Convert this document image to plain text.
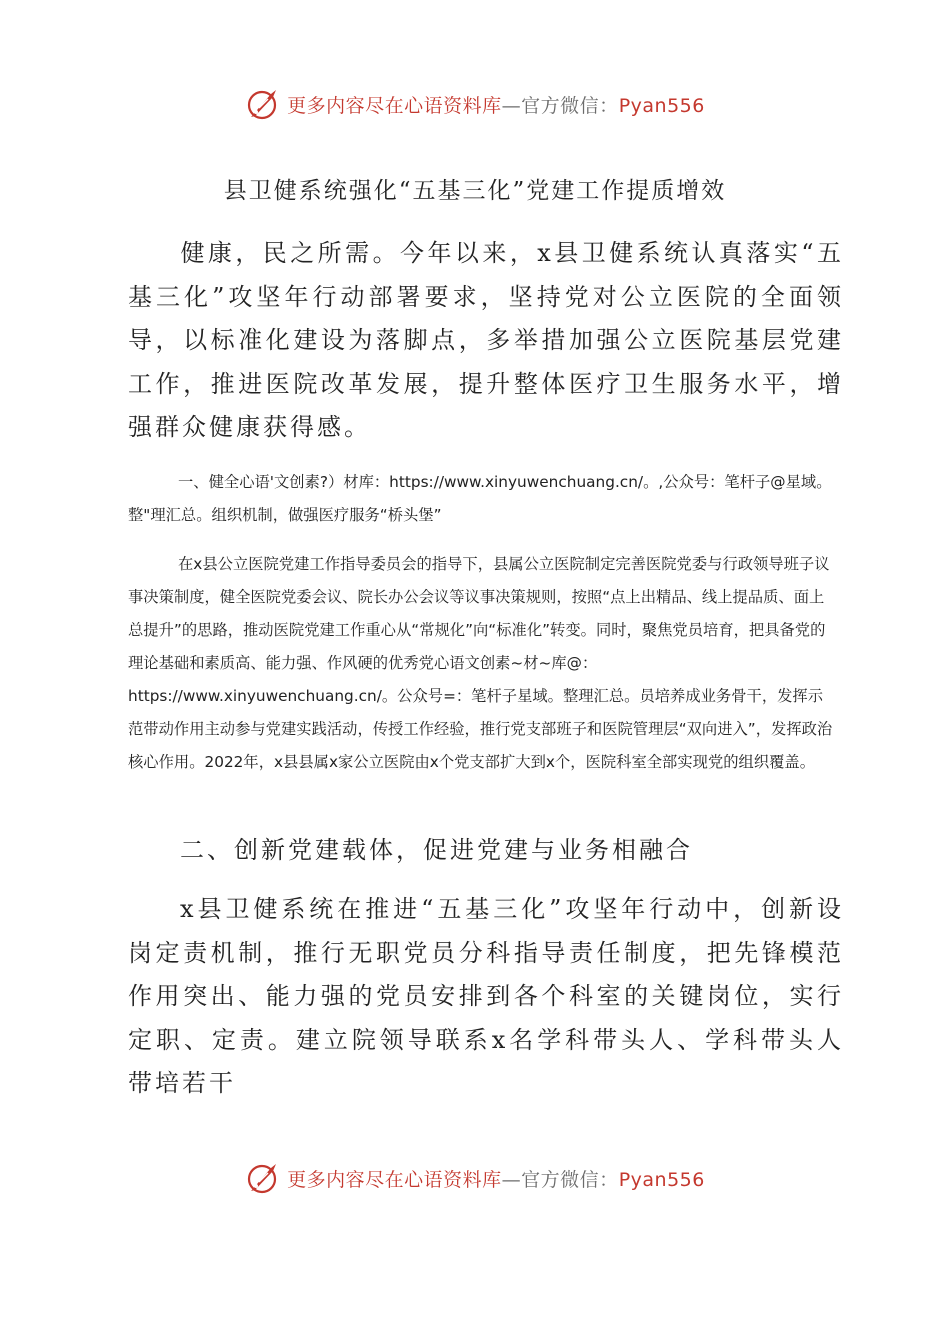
更多内容尽在心语资料库—官方微信：Pyan556
县卫健系统强化“五基三化”党建工作提质增效

健康，民之所需。今年以来，x县卫健系统认真落实“五基三化”攻坚年行动部署要求，坚持党对公立医院的全面领导，以标准化建设为落脚点，多举措加强公立医院基层党建工作，推进医院改革发展，提升整体医疗卫生服务水平，增强群众健康获得感。

一、健全心语'文创素?）材库：https://www.xinyuwenchuang.cn/。,公众号：笔杆子@星域。整"理汇总。组织机制，做强医疗服务“桥头堡”

在x县公立医院党建工作指导委员会的指导下，县属公立医院制定完善医院党委与行政领导班子议事决策制度，健全医院党委会议、院长办公会议等议事决策规则，按照“点上出精品、线上提品质、面上总提升”的思路，推动医院党建工作重心从“常规化”向“标准化”转变。同时，聚焦党员培育，把具备党的理论基础和素质高、能力强、作风硬的优秀党心语文创素~材~库@：https://www.xinyuwenchuang.cn/。公众号=：笔杆子星域。整理汇总。员培养成业务骨干，发挥示范带动作用主动参与党建实践活动，传授工作经验，推行党支部班子和医院管理层“双向进入”，发挥政治核心作用。2022年，x县县属x家公立医院由x个党支部扩大到x个，医院科室全部实现党的组织覆盖。

二、创新党建载体，促进党建与业务相融合

x县卫健系统在推进“五基三化”攻坚年行动中，创新设岗定责机制，推行无职党员分科指导责任制度，把先锋模范作用突出、能力强的党员安排到各个科室的关键岗位，实行定职、定责。建立院领导联系x名学科带头人、学科带头人带培若干

更多内容尽在心语资料库—官方微信：Pyan556
